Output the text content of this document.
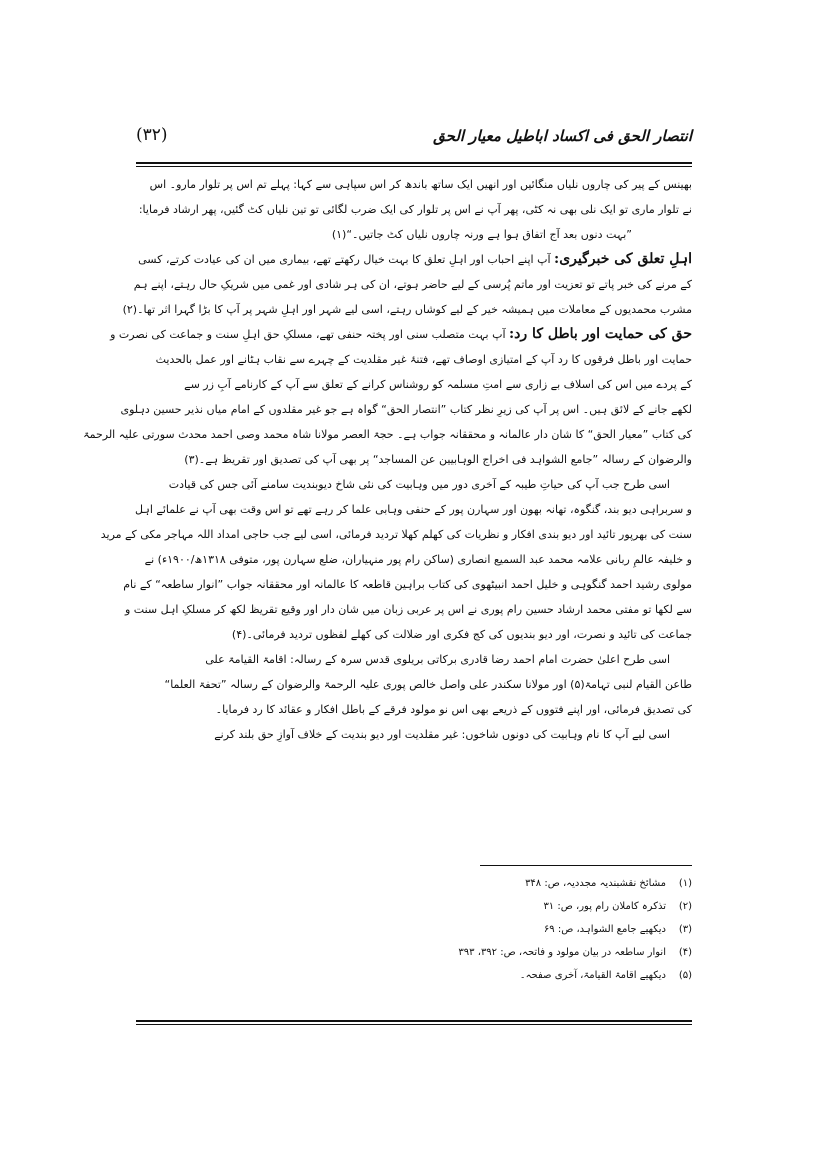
انتصار الحق فی اکساد اباطیل معیار الحق
(۳۲)
بھینس کے پیر کی چاروں نلیاں منگائیں اور انھیں ایک ساتھ باندھ کر اس سپاہی سے کہا: پہلے تم اس پر تلوار مارو۔ اس
نے تلوار ماری تو ایک نلی بھی نہ کٹی، پھر آپ نے اس پر تلوار کی ایک ضرب لگائی تو تین نلیاں کٹ گئیں، پھر ارشاد فرمایا:
”بہت دنوں بعد آج اتفاق ہوا ہے ورنہ چاروں نلیاں کٹ جاتیں۔“(۱)
اہلِ تعلق کی خبرگیری: آپ اپنے احباب اور اہلِ تعلق کا بہت خیال رکھتے تھے، بیماری میں ان کی عیادت کرتے، کسی
کے مرنے کی خبر پاتے تو تعزیت اور ماتم پُرسی کے لیے حاضر ہوتے، ان کی ہر شادی اور غمی میں شریکِ حال رہتے، اپنے ہم
مشرب محمدیوں کے معاملات میں ہمیشہ خیر کے لیے کوشاں رہتے، اسی لیے شہر اور اہلِ شہر پر آپ کا بڑا گہرا اثر تھا۔(۲)
حق کی حمایت اور باطل کا رد: آپ بہت متصلب سنی اور پختہ حنفی تھے، مسلکِ حق اہلِ سنت و جماعت کی نصرت و
حمایت اور باطل فرقوں کا رد آپ کے امتیازی اوصاف تھے، فتنۂ غیر مقلدیت کے چہرے سے نقاب ہٹانے اور عمل بالحدیث
کے پردے میں اس کی اسلاف بے زاری سے امتِ مسلمہ کو روشناس کرانے کے تعلق سے آپ کے کارنامے آبِ زر سے
لکھے جانے کے لائق ہیں۔ اس پر آپ کی زیرِ نظر کتاب ”انتصار الحق“ گواہ ہے جو غیر مقلدوں کے امام میاں نذیر حسین دہلوی
کی کتاب ”معیار الحق“ کا شان دار عالمانہ و محققانہ جواب ہے۔ حجۃ العصر مولانا شاہ محمد وصی احمد محدث سورتی علیہ الرحمۃ
والرضوان کے رسالہ ”جامع الشواہد فی اخراج الوہابیین عن المساجد“ پر بھی آپ کی تصدیق اور تقریظ ہے۔(۳)
اسی طرح جب آپ کی حیاتِ طیبہ کے آخری دور میں وہابیت کی نئی شاخ دیوبندیت سامنے آئی جس کی قیادت
و سربراہی دیو بند، گنگوہ، تھانہ بھون اور سہارن پور کے حنفی وہابی علما کر رہے تھے تو اس وقت بھی آپ نے علمائے اہل
سنت کی بھرپور تائید اور دیو بندی افکار و نظریات کی کھلم کھلا تردید فرمائی، اسی لیے جب حاجی امداد اللہ مہاجر مکی کے مرید
و خلیفہ عالمِ ربانی علامہ محمد عبد السمیع انصاری (ساکن رام پور منہیاران، ضلع سہارن پور، متوفی ۱۳۱۸ھ/۱۹۰۰ء) نے
مولوی رشید احمد گنگوہی و خلیل احمد انبیٹھوی کی کتاب براہین قاطعہ کا عالمانہ اور محققانہ جواب ”انوار ساطعہ“ کے نام
سے لکھا تو مفتی محمد ارشاد حسین رام پوری نے اس پر عربی زبان میں شان دار اور وقیع تقریظ لکھ کر مسلکِ اہل سنت و
جماعت کی تائید و نصرت، اور دیو بندیوں کی کج فکری اور ضلالت کی کھلے لفظوں تردید فرمائی۔(۴)
اسی طرح اعلیٰ حضرت امام احمد رضا قادری برکاتی بریلوی قدس سرہ کے رسالہ: اقامۃ القیامۃ علی
طاعن القیام لنبی تہامۃ(۵) اور مولانا سکندر علی واصل خالص پوری علیہ الرحمۃ والرضوان کے رسالہ ”تحفۃ العلما“
کی تصدیق فرمائی، اور اپنے فتووں کے ذریعے بھی اس نو مولود فرقے کے باطل افکار و عقائد کا رد فرمایا۔
اسی لیے آپ کا نام وہابیت کی دونوں شاخوں: غیر مقلدیت اور دیو بندیت کے خلاف آوازِ حق بلند کرنے
(۱)مشائخ نقشبندیہ مجددیہ، ص: ۳۴۸
(۲)تذکرہ کاملان رام پور، ص: ۳۱
(۳)دیکھیے جامع الشواہد، ص: ۶۹
(۴)انوار ساطعہ در بیان مولود و فاتحہ، ص: ۳۹۲، ۳۹۳
(۵)دیکھیے اقامۃ القیامۃ، آخری صفحہ۔
